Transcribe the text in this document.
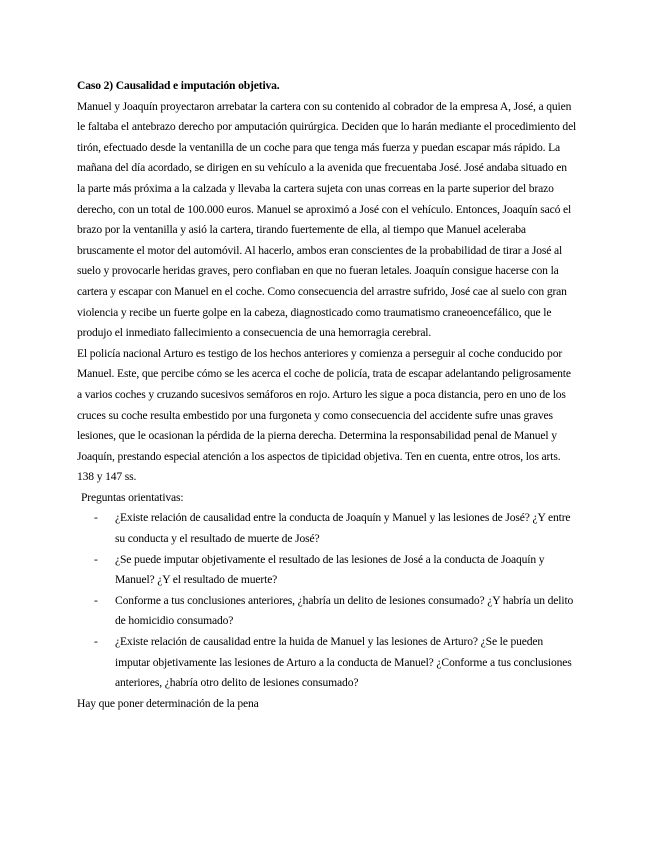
Caso 2) Causalidad e imputación objetiva.

Manuel y Joaquín proyectaron arrebatar la cartera con su contenido al cobrador de la empresa A, José, a quien le faltaba el antebrazo derecho por amputación quirúrgica. Deciden que lo harán mediante el procedimiento del tirón, efectuado desde la ventanilla de un coche para que tenga más fuerza y puedan escapar más rápido. La mañana del día acordado, se dirigen en su vehículo a la avenida que frecuentaba José. José andaba situado en la parte más próxima a la calzada y llevaba la cartera sujeta con unas correas en la parte superior del brazo derecho, con un total de 100.000 euros. Manuel se aproximó a José con el vehículo. Entonces, Joaquín sacó el brazo por la ventanilla y asió la cartera, tirando fuertemente de ella, al tiempo que Manuel aceleraba bruscamente el motor del automóvil. Al hacerlo, ambos eran conscientes de la probabilidad de tirar a José al suelo y provocarle heridas graves, pero confiaban en que no fueran letales. Joaquín consigue hacerse con la cartera y escapar con Manuel en el coche. Como consecuencia del arrastre sufrido, José cae al suelo con gran violencia y recibe un fuerte golpe en la cabeza, diagnosticado como traumatismo craneoencefálico, que le produjo el inmediato fallecimiento a consecuencia de una hemorragia cerebral.

El policía nacional Arturo es testigo de los hechos anteriores y comienza a perseguir al coche conducido por Manuel. Este, que percibe cómo se les acerca el coche de policía, trata de escapar adelantando peligrosamente a varios coches y cruzando sucesivos semáforos en rojo. Arturo les sigue a poca distancia, pero en uno de los cruces su coche resulta embestido por una furgoneta y como consecuencia del accidente sufre unas graves lesiones, que le ocasionan la pérdida de la pierna derecha. Determina la responsabilidad penal de Manuel y Joaquín, prestando especial atención a los aspectos de tipicidad objetiva. Ten en cuenta, entre otros, los arts. 138 y 147 ss.

Preguntas orientativas:

- ¿Existe relación de causalidad entre la conducta de Joaquín y Manuel y las lesiones de José? ¿Y entre su conducta y el resultado de muerte de José?
- ¿Se puede imputar objetivamente el resultado de las lesiones de José a la conducta de Joaquín y Manuel? ¿Y el resultado de muerte?
- Conforme a tus conclusiones anteriores, ¿habría un delito de lesiones consumado? ¿Y habría un delito de homicidio consumado?
- ¿Existe relación de causalidad entre la huida de Manuel y las lesiones de Arturo? ¿Se le pueden imputar objetivamente las lesiones de Arturo a la conducta de Manuel? ¿Conforme a tus conclusiones anteriores, ¿habría otro delito de lesiones consumado?

Hay que poner determinación de la pena
